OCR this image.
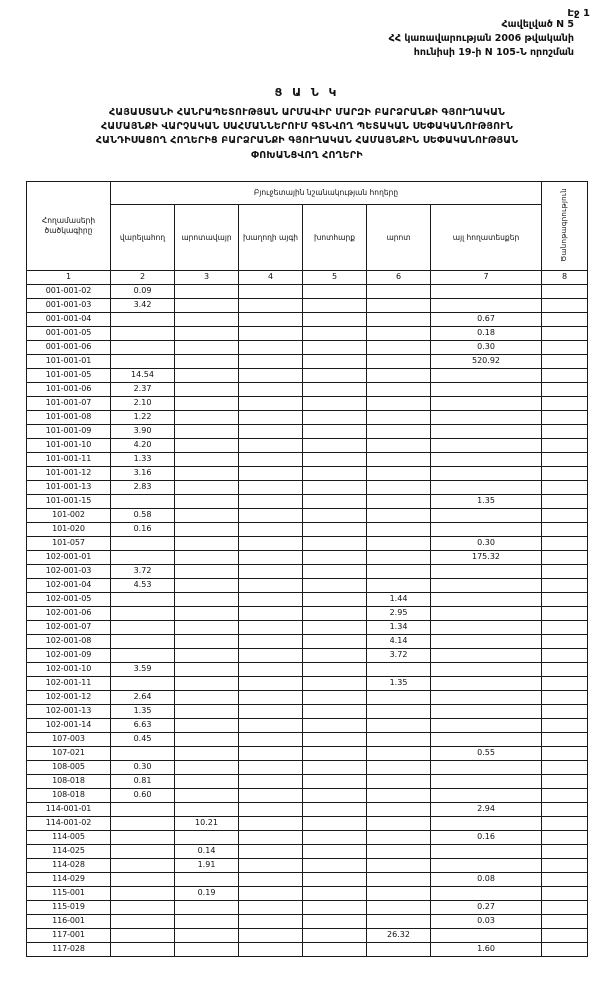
Էջ 1
Հավելված N 5
ՀՀ կառավարության 2006 թվականի
հունիսի 19-ի N 105-Ն որոշման
Ց Ա Ն Կ
ՀԱՅԱՍՏԱՆԻ ՀԱՆՐԱՊԵՏՈՒԹՅԱՆ ԱՐՄԱՎԻՐ ՄԱՐԶԻ ԲԱՐՁՐԱՆՔԻ ԳՅՈՒՂԱԿԱՆ
ՀԱՄԱՅՆՔԻ ՎԱՐՉԱԿԱՆ ՍԱՀՄԱՆՆԵՐՈՒՄ ԳՏՆՎՈՂ ՊԵՏԱԿԱՆ ՍԵՓԱԿԱՆՈՒԹՅՈՒՆ
ՀԱՆԴԻՍԱՑՈՂ ՀՈՂԵՐԻՑ ԲԱՐՁՐԱՆՔԻ ԳՅՈՒՂԱԿԱՆ ՀԱՄԱՅՆՔԻՆ ՍԵՓԱԿԱՆՈՒԹՅԱՆ
ՓՈԽԱՆՑՎՈՂ ՀՈՂԵՐԻ
Հողամասերի ծածկագիրը	Բյուջետային նշանակության հողերը						Ծանոթագրություն
	վարելահող	արոտավայր	խաղողի այգի	խոտհարք	արոտ	այլ հողատեսքեր	
1	2	3	4	5	6	7	8
001-001-02	0.09						
001-001-03	3.42						
001-001-04						0.67	
001-001-05						0.18	
001-001-06						0.30	
101-001-01						520.92	
101-001-05	14.54						
101-001-06	2.37						
101-001-07	2.10						
101-001-08	1.22						
101-001-09	3.90						
101-001-10	4.20						
101-001-11	1.33						
101-001-12	3.16						
101-001-13	2.83						
101-001-15						1.35	
101-002	0.58						
101-020	0.16						
101-057						0.30	
102-001-01						175.32	
102-001-03	3.72						
102-001-04	4.53						
102-001-05					1.44		
102-001-06					2.95		
102-001-07					1.34		
102-001-08					4.14		
102-001-09					3.72		
102-001-10	3.59						
102-001-11					1.35		
102-001-12	2.64						
102-001-13	1.35						
102-001-14	6.63						
107-003	0.45						
107-021						0.55	
108-005	0.30						
108-018	0.81						
108-018	0.60						
114-001-01						2.94	
114-001-02		10.21					
114-005						0.16	
114-025		0.14					
114-028		1.91					
114-029						0.08	
115-001		0.19					
115-019						0.27	
116-001						0.03	
117-001					26.32		
117-028						1.60	
